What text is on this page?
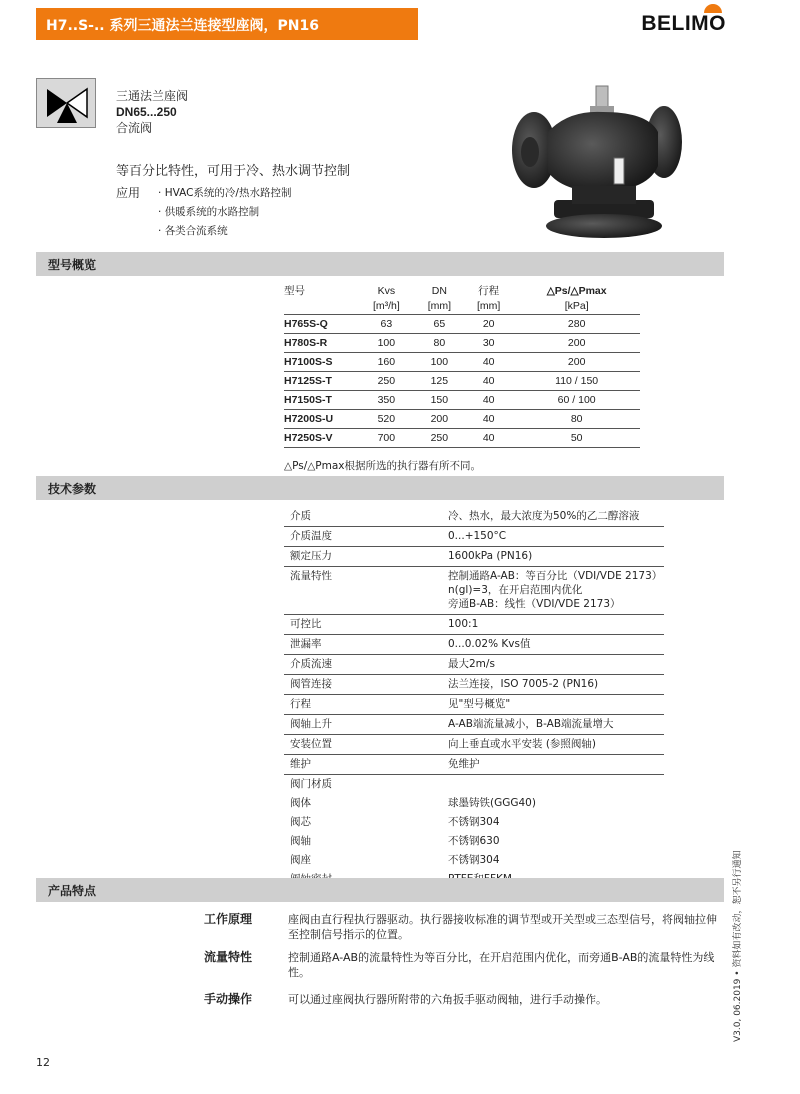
H7..S-.. 系列三通法兰连接型座阀，PN16	BELIMO
三通法兰座阀
DN65...250
合流阀
等百分比特性，可用于冷、热水调节控制
应用	· HVAC系统的冷/热水路控制
· 供暖系统的水路控制
· 各类合流系统
型号概览
型号	Kvs	DN	行程	△Ps/△Pmax
	[m³/h]	[mm]	[mm]	[kPa]
H765S-Q	63	65	20	280
H780S-R	100	80	30	200
H7100S-S	160	100	40	200
H7125S-T	250	125	40	110 / 150
H7150S-T	350	150	40	60 / 100
H7200S-U	520	200	40	80
H7250S-V	700	250	40	50
△Ps/△Pmax根据所选的执行器有所不同。
技术参数
介质	冷、热水，最大浓度为50%的乙二醇溶液
介质温度	0...+150°C
额定压力	1600kPa (PN16)
流量特性	控制通路A-AB：等百分比（VDI/VDE 2173）
n(gl)=3，在开启范围内优化
旁通B-AB：线性（VDI/VDE 2173）

可控比	100:1
泄漏率	0...0.02% Kvs值
介质流速	最大2m/s
阀管连接	法兰连接，ISO 7005-2 (PN16)
行程	见"型号概览"
阀轴上升	A-AB端流量减小，B-AB端流量增大
安装位置	向上垂直或水平安装 (参照阀轴)
维护	免维护
阀门材质	
阀体	球墨铸铁(GGG40)
阀芯	不锈钢304
阀轴	不锈钢630
阀座	不锈钢304

产品特点
工作原理	座阀由直行程执行器驱动。执行器接收标准的调节型或开关型或三态型信号，将阀轴拉伸至控制信号指示的位置。
流量特性	控制通路A-AB的流量特性为等百分比，在开启范围内优化，而旁通B-AB的流量特性为线性。
手动操作	可以通过座阀执行器所附带的六角扳手驱动阀轴，进行手动操作。
12
V3.0, 06.2019 • 资料如有改动，恕不另行通知
